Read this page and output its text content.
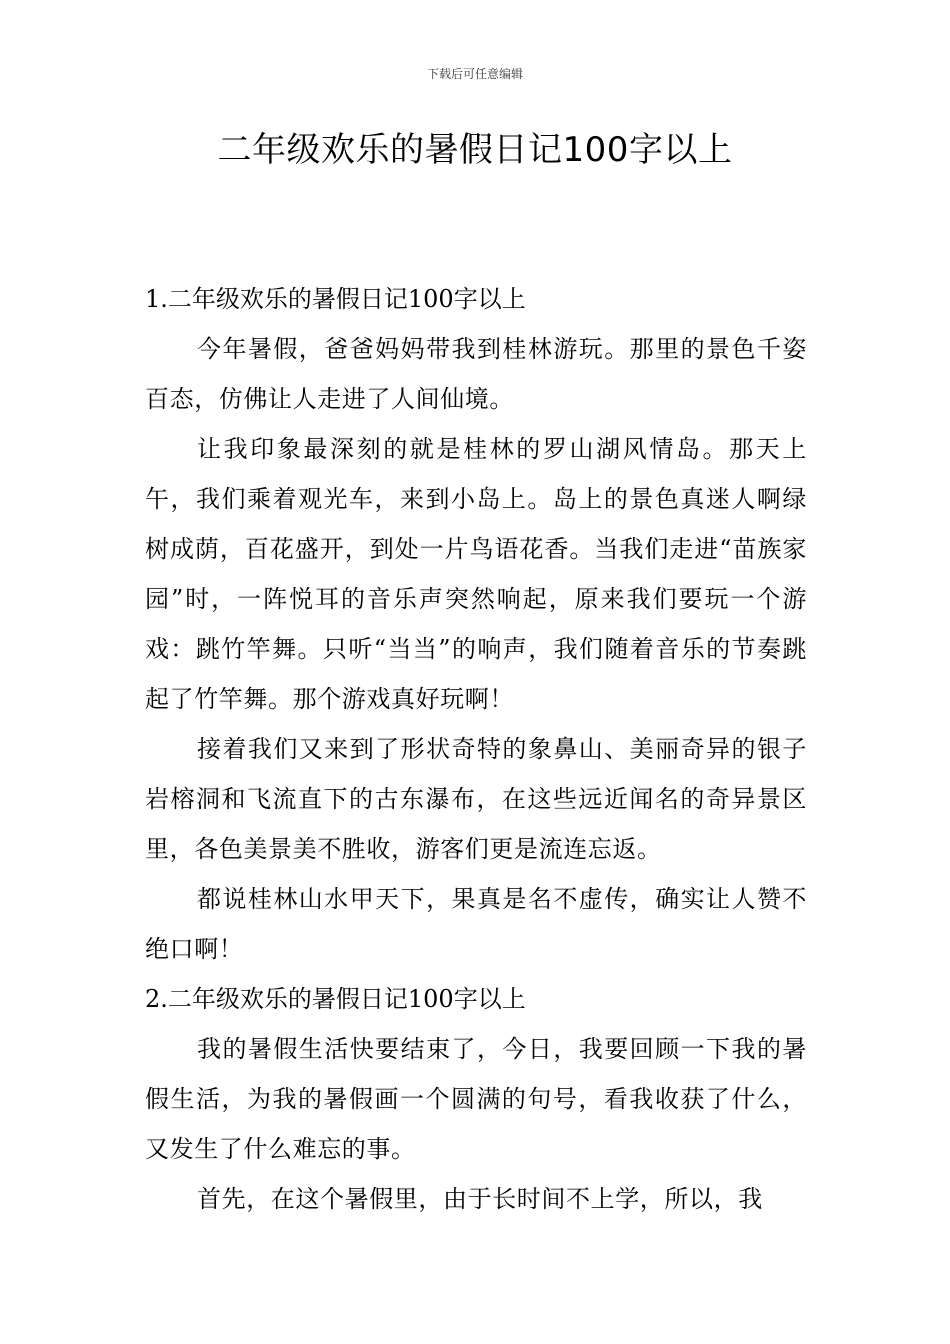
下载后可任意编辑
二年级欢乐的暑假日记100字以上
1.二年级欢乐的暑假日记100字以上

今年暑假，爸爸妈妈带我到桂林游玩。那里的景色千姿百态，仿佛让人走进了人间仙境。

让我印象最深刻的就是桂林的罗山湖风情岛。那天上午，我们乘着观光车，来到小岛上。岛上的景色真迷人啊绿树成荫，百花盛开，到处一片鸟语花香。当我们走进“苗族家园”时，一阵悦耳的音乐声突然响起，原来我们要玩一个游戏：跳竹竿舞。只听“当当”的响声，我们随着音乐的节奏跳起了竹竿舞。那个游戏真好玩啊！

接着我们又来到了形状奇特的象鼻山、美丽奇异的银子岩榕洞和飞流直下的古东瀑布，在这些远近闻名的奇异景区里，各色美景美不胜收，游客们更是流连忘返。

都说桂林山水甲天下，果真是名不虚传，确实让人赞不绝口啊！

2.二年级欢乐的暑假日记100字以上

我的暑假生活快要结束了，今日，我要回顾一下我的暑假生活，为我的暑假画一个圆满的句号，看我收获了什么，又发生了什么难忘的事。

首先，在这个暑假里，由于长时间不上学，所以，我
